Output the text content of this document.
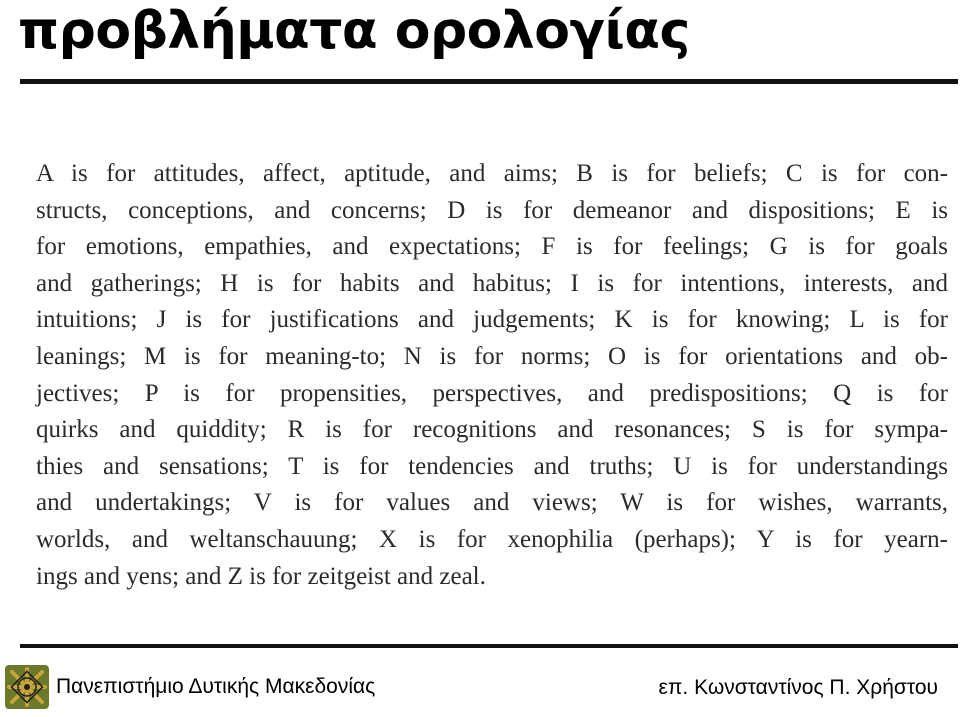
προβλήματα ορολογίας
A is for attitudes, affect, aptitude, and aims; B is for beliefs; C is for con-
structs, conceptions, and concerns; D is for demeanor and dispositions; E is
for emotions, empathies, and expectations; F is for feelings; G is for goals
and gatherings; H is for habits and habitus; I is for intentions, interests, and
intuitions; J is for justifications and judgements; K is for knowing; L is for
leanings; M is for meaning-to; N is for norms; O is for orientations and ob-
jectives; P is for propensities, perspectives, and predispositions; Q is for
quirks and quiddity; R is for recognitions and resonances; S is for sympa-
thies and sensations; T is for tendencies and truths; U is for understandings
and undertakings; V is for values and views; W is for wishes, warrants,
worlds, and weltanschauung; X is for xenophilia (perhaps); Y is for yearn-
ings and yens; and Z is for zeitgeist and zeal.
Πανεπιστήμιο Δυτικής Μακεδονίας	επ. Κωνσταντίνος Π. Χρήστου
